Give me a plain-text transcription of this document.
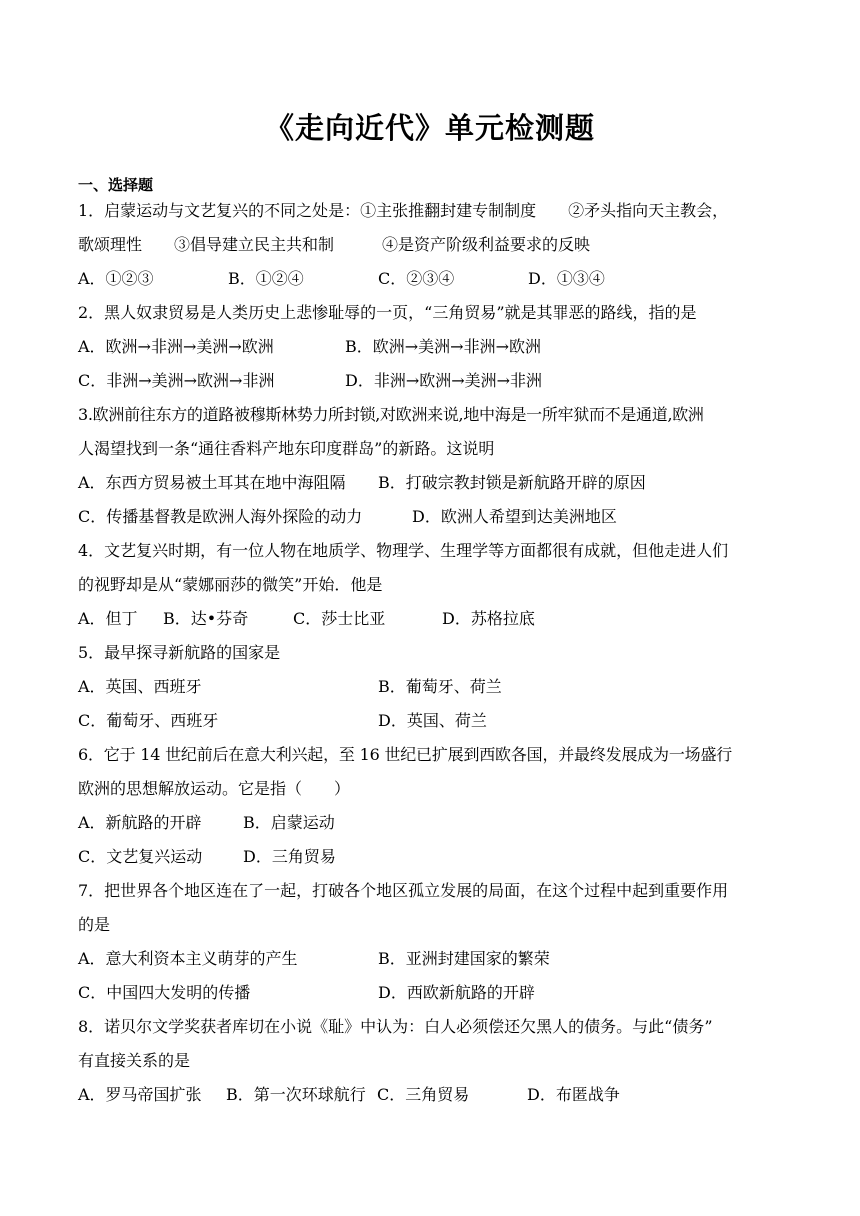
《走向近代》单元检测题
一、选择题
1．启蒙运动与文艺复兴的不同之处是：①主张推翻封建专制制度　　②矛头指向天主教会，
歌颂理性　　③倡导建立民主共和制　　　④是资产阶级利益要求的反映
A．①②③	B．①②④	C．②③④	D．①③④
2．黑人奴隶贸易是人类历史上悲惨耻辱的一页，“三角贸易”就是其罪恶的路线，指的是
A．欧洲→非洲→美洲→欧洲	B．欧洲→美洲→非洲→欧洲
C．非洲→美洲→欧洲→非洲	D．非洲→欧洲→美洲→非洲
3.欧洲前往东方的道路被穆斯林势力所封锁,对欧洲来说,地中海是一所牢狱而不是通道,欧洲
人渴望找到一条“通往香料产地东印度群岛”的新路。这说明
A．东西方贸易被土耳其在地中海阻隔 B．打破宗教封锁是新航路开辟的原因
C．传播基督教是欧洲人海外探险的动力	D．欧洲人希望到达美洲地区
4．文艺复兴时期，有一位人物在地质学、物理学、生理学等方面都很有成就，但他走进人们
的视野却是从“蒙娜丽莎的微笑”开始．他是
A．但丁 B．达•芬奇	C．莎士比亚	D．苏格拉底
5．最早探寻新航路的国家是
A．英国、西班牙	B．葡萄牙、荷兰
C．葡萄牙、西班牙	D．英国、荷兰
6．它于 14 世纪前后在意大利兴起，至 16 世纪已扩展到西欧各国，并最终发展成为一场盛行
欧洲的思想解放运动。它是指（　　）
A．新航路的开辟	B．启蒙运动
C．文艺复兴运动	D．三角贸易
7．把世界各个地区连在了一起，打破各个地区孤立发展的局面，在这个过程中起到重要作用
的是
A．意大利资本主义萌芽的产生	B．亚洲封建国家的繁荣
C．中国四大发明的传播	D．西欧新航路的开辟
8．诺贝尔文学奖获者库切在小说《耻》中认为：白人必须偿还欠黑人的债务。与此“债务”
有直接关系的是
A．罗马帝国扩张 B．第一次环球航行 C．三角贸易	D．布匿战争
